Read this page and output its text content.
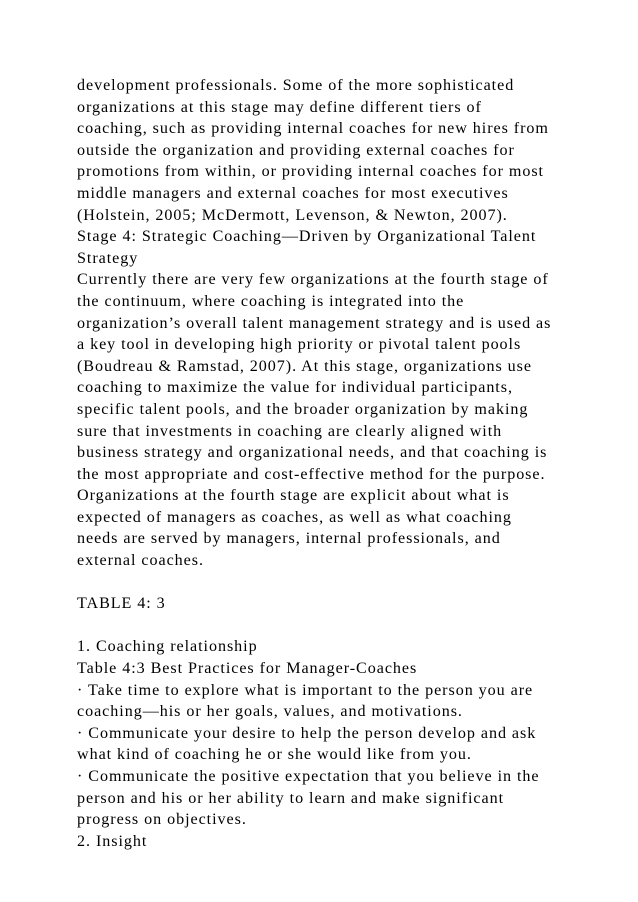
development professionals. Some of the more sophisticated
organizations at this stage may define different tiers of
coaching, such as providing internal coaches for new hires from
outside the organization and providing external coaches for
promotions from within, or providing internal coaches for most
middle managers and external coaches for most executives
(Holstein, 2005; McDermott, Levenson, & Newton, 2007).
Stage 4: Strategic Coaching—Driven by Organizational Talent
Strategy
Currently there are very few organizations at the fourth stage of
the continuum, where coaching is integrated into the
organization’s overall talent management strategy and is used as
a key tool in developing high priority or pivotal talent pools
(Boudreau & Ramstad, 2007). At this stage, organizations use
coaching to maximize the value for individual participants,
specific talent pools, and the broader organization by making
sure that investments in coaching are clearly aligned with
business strategy and organizational needs, and that coaching is
the most appropriate and cost-effective method for the purpose.
Organizations at the fourth stage are explicit about what is
expected of managers as coaches, as well as what coaching
needs are served by managers, internal professionals, and
external coaches.
TABLE 4: 3
1. Coaching relationship
Table 4:3 Best Practices for Manager-Coaches
· Take time to explore what is important to the person you are
coaching—his or her goals, values, and motivations.
· Communicate your desire to help the person develop and ask
what kind of coaching he or she would like from you.
· Communicate the positive expectation that you believe in the
person and his or her ability to learn and make significant
progress on objectives.
2. Insight
